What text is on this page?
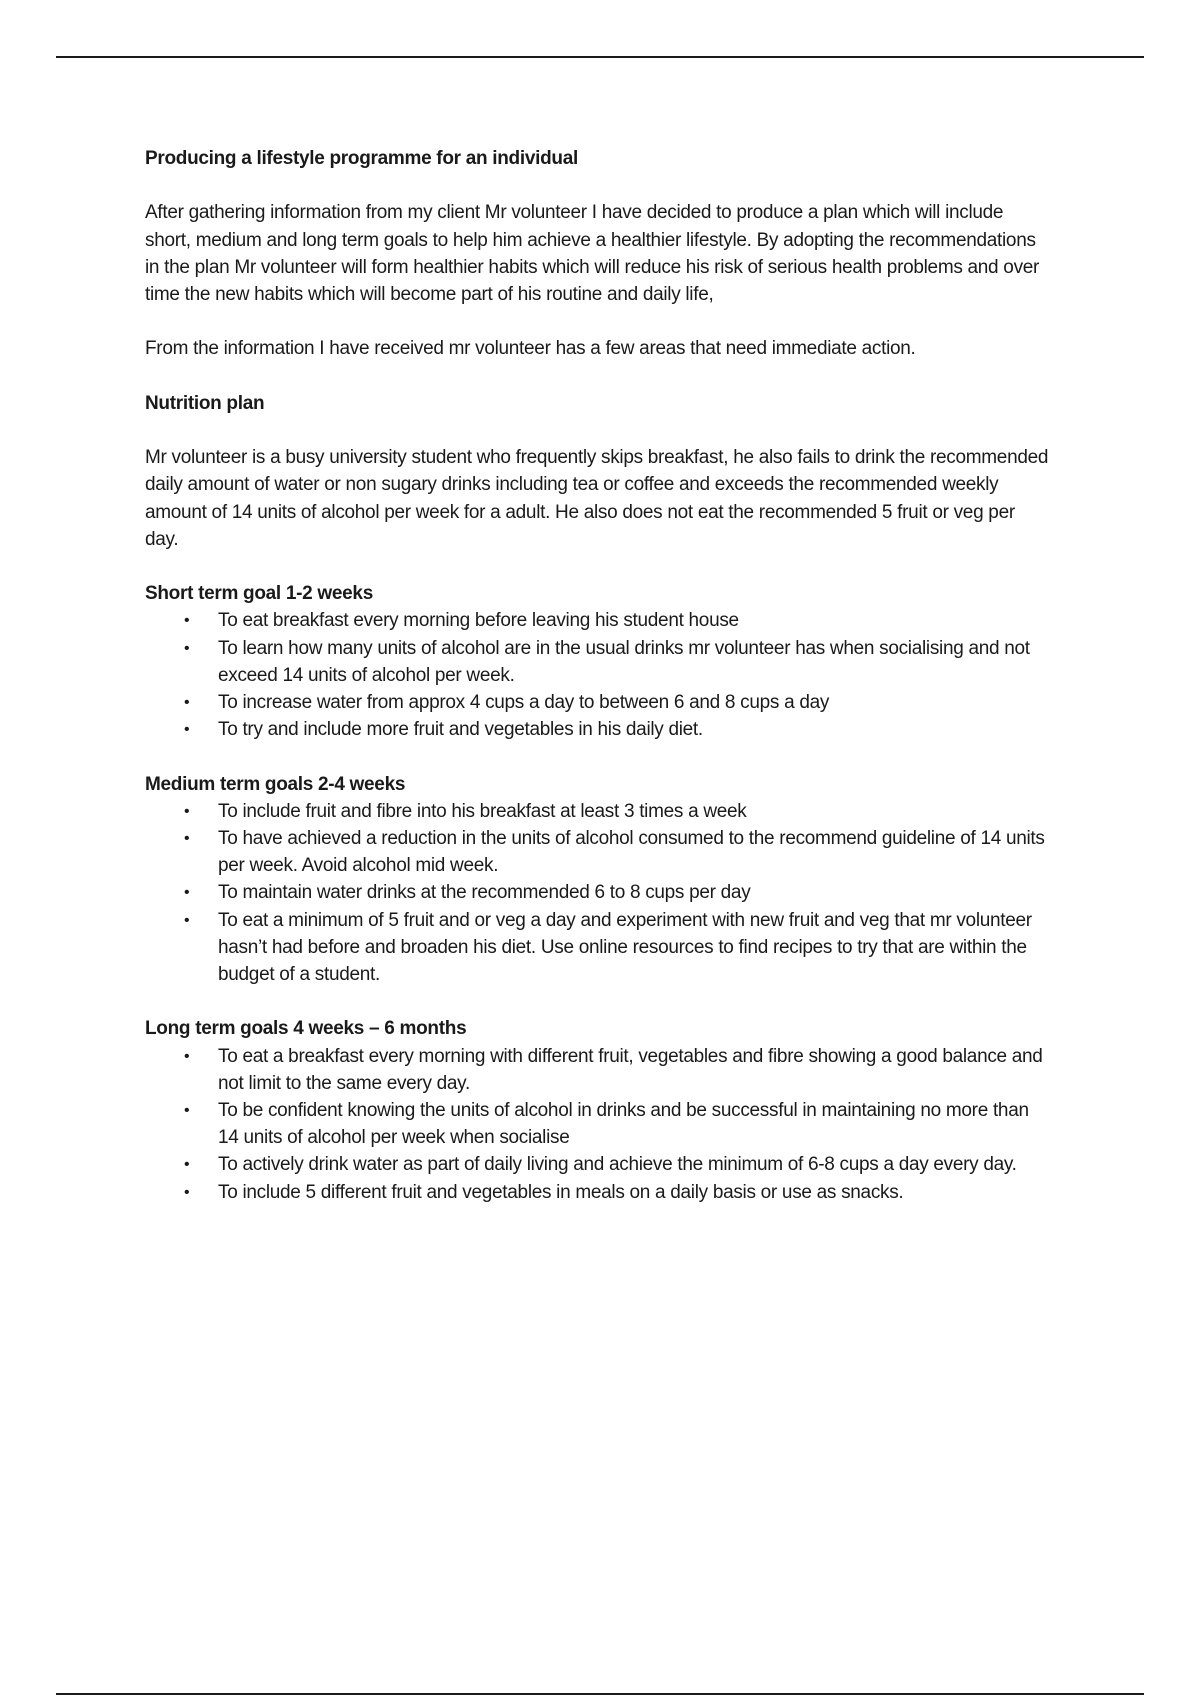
Producing a lifestyle programme for an individual

After gathering information from my client Mr volunteer I have decided to produce a plan which will include short, medium and long term goals to help him achieve a healthier lifestyle. By adopting the recommendations in the plan Mr volunteer will form healthier habits which will reduce his risk of serious health problems and over time the new habits which will become part of his routine and daily life,

From the information I have received mr volunteer has a few areas that need immediate action.

Nutrition plan

Mr volunteer is a busy university student who frequently skips breakfast, he also fails to drink the recommended daily amount of water or non sugary drinks including tea or coffee and exceeds the recommended weekly amount of 14 units of alcohol per week for a adult. He also does not eat the recommended 5 fruit or veg per day.

Short term goal 1-2 weeks

• To eat breakfast every morning before leaving his student house
• To learn how many units of alcohol are in the usual drinks mr volunteer has when socialising and not exceed 14 units of alcohol per week.
• To increase water from approx 4 cups a day to between 6 and 8 cups a day
• To try and include more fruit and vegetables in his daily diet.

Medium term goals 2-4 weeks

• To include fruit and fibre into his breakfast at least 3 times a week
• To have achieved a reduction in the units of alcohol consumed to the recommend guideline of 14 units per week. Avoid alcohol mid week.
• To maintain water drinks at the recommended 6 to 8 cups per day
• To eat a minimum of 5 fruit and or veg a day and experiment with new fruit and veg that mr volunteer hasn’t had before and broaden his diet. Use online resources to find recipes to try that are within the budget of a student.

Long term goals 4 weeks – 6 months

• To eat a breakfast every morning with different fruit, vegetables and fibre showing a good balance and not limit to the same every day.
• To be confident knowing the units of alcohol in drinks and be successful in maintaining no more than 14 units of alcohol per week when socialise
• To actively drink water as part of daily living and achieve the minimum of 6-8 cups a day every day.
• To include 5 different fruit and vegetables in meals on a daily basis or use as snacks.
